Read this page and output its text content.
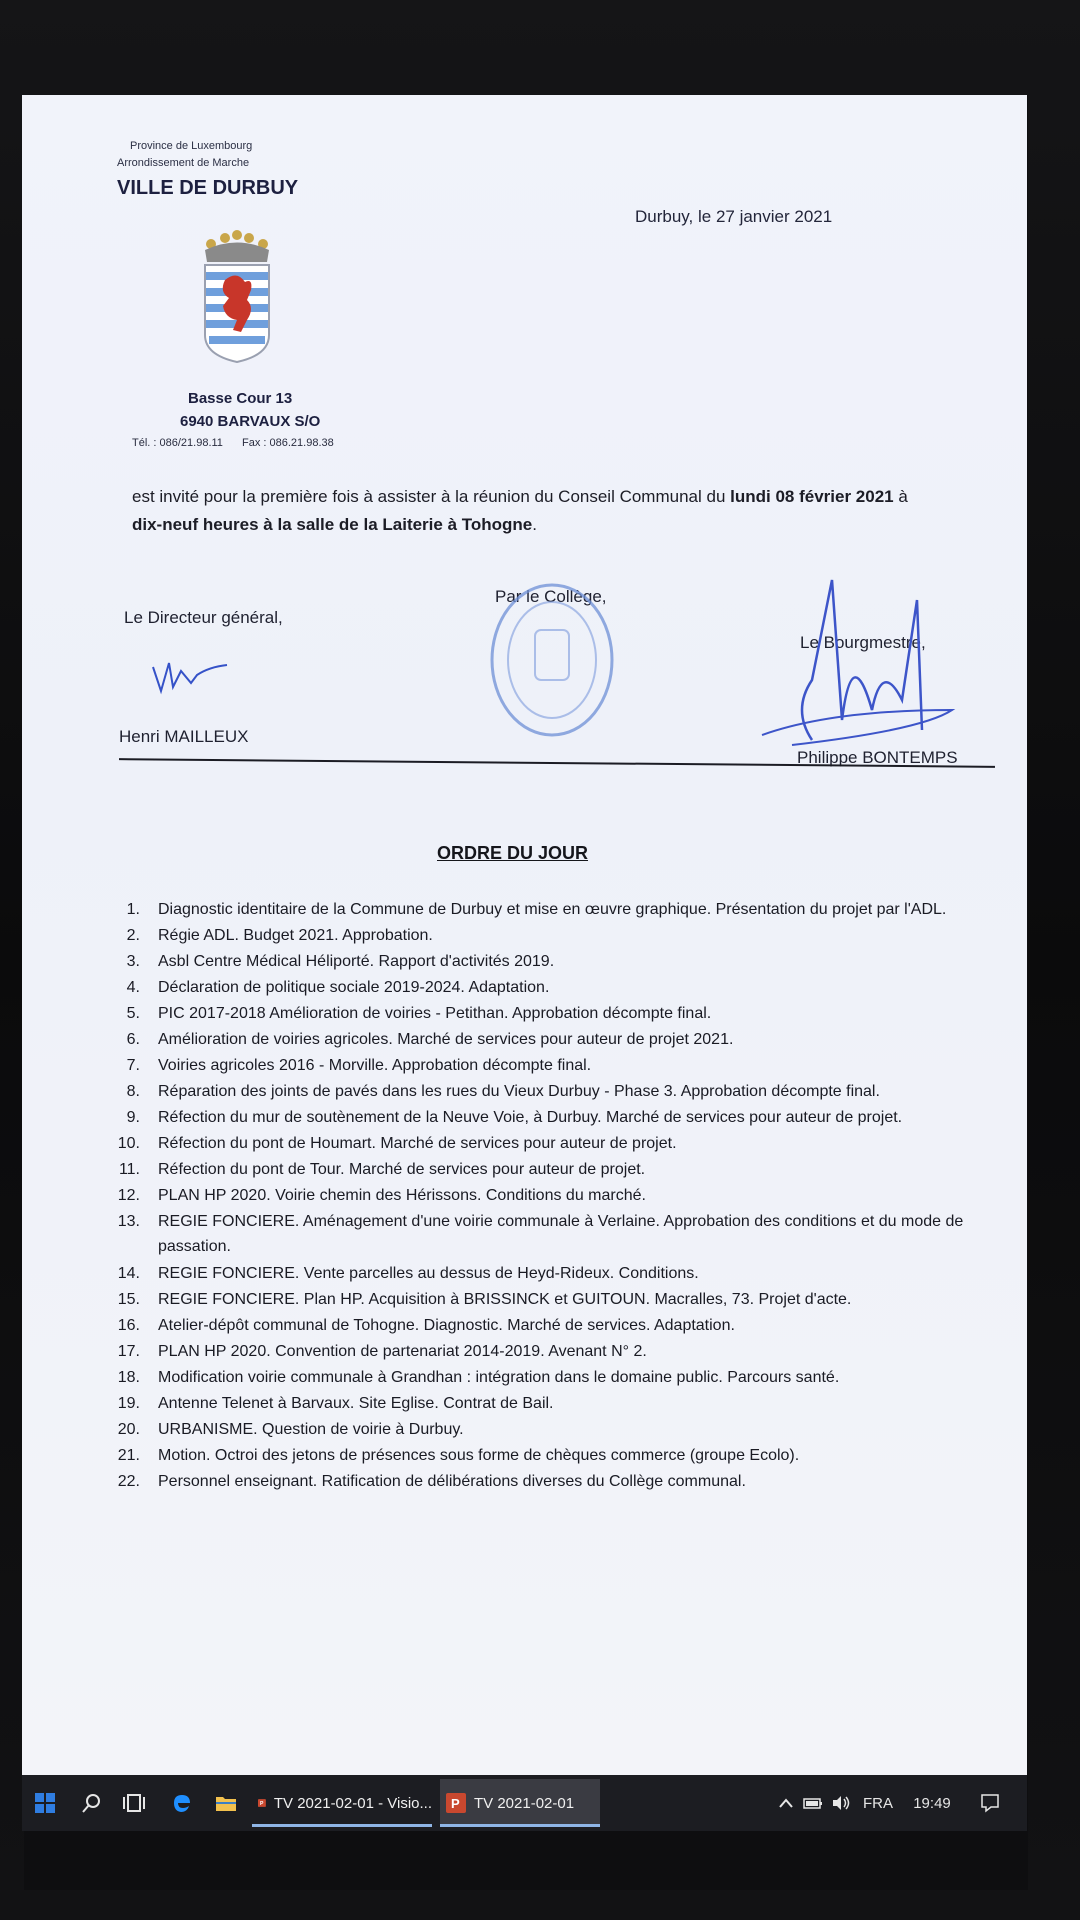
Province de Luxembourg
Arrondissement de Marche
VILLE DE DURBUY
Basse Cour 13
6940 BARVAUX S/O
Tél. : 086/21.98.11 Fax : 086.21.98.38
Durbuy, le 27 janvier 2021
est invité pour la première fois à assister à la réunion du Conseil Communal du lundi 08 février 2021 à
dix-neuf heures à la salle de la Laiterie à Tohogne.
Par le Collège,
Le Directeur général,
Henri MAILLEUX
Le Bourgmestre,
Philippe BONTEMPS
ORDRE DU JOUR
1. Diagnostic identitaire de la Commune de Durbuy et mise en œuvre graphique. Présentation du projet par l'ADL.
2. Régie ADL. Budget 2021. Approbation.
3. Asbl Centre Médical Héliporté. Rapport d'activités 2019.
4. Déclaration de politique sociale 2019-2024. Adaptation.
5. PIC 2017-2018 Amélioration de voiries - Petithan. Approbation décompte final.
6. Amélioration de voiries agricoles. Marché de services pour auteur de projet 2021.
7. Voiries agricoles 2016 - Morville. Approbation décompte final.
8. Réparation des joints de pavés dans les rues du Vieux Durbuy - Phase 3. Approbation décompte final.
9. Réfection du mur de soutènement de la Neuve Voie, à Durbuy. Marché de services pour auteur de projet.
10. Réfection du pont de Houmart. Marché de services pour auteur de projet.
11. Réfection du pont de Tour. Marché de services pour auteur de projet.
12. PLAN HP 2020. Voirie chemin des Hérissons. Conditions du marché.
13. REGIE FONCIERE. Aménagement d'une voirie communale à Verlaine. Approbation des conditions et du mode de passation.
14. REGIE FONCIERE. Vente parcelles au dessus de Heyd-Rideux. Conditions.
15. REGIE FONCIERE. Plan HP. Acquisition à BRISSINCK et GUITOUN. Macralles, 73. Projet d'acte.
16. Atelier-dépôt communal de Tohogne. Diagnostic. Marché de services. Adaptation.
17. PLAN HP 2020. Convention de partenariat 2014-2019. Avenant N° 2.
18. Modification voirie communale à Grandhan : intégration dans le domaine public. Parcours santé.
19. Antenne Telenet à Barvaux. Site Eglise. Contrat de Bail.
20. URBANISME. Question de voirie à Durbuy.
21. Motion. Octroi des jetons de présences sous forme de chèques commerce (groupe Ecolo).
22. Personnel enseignant. Ratification de délibérations diverses du Collège communal.
P TV 2021-02-01 - Visio... P TV 2021-02-01	FRA	19:49
